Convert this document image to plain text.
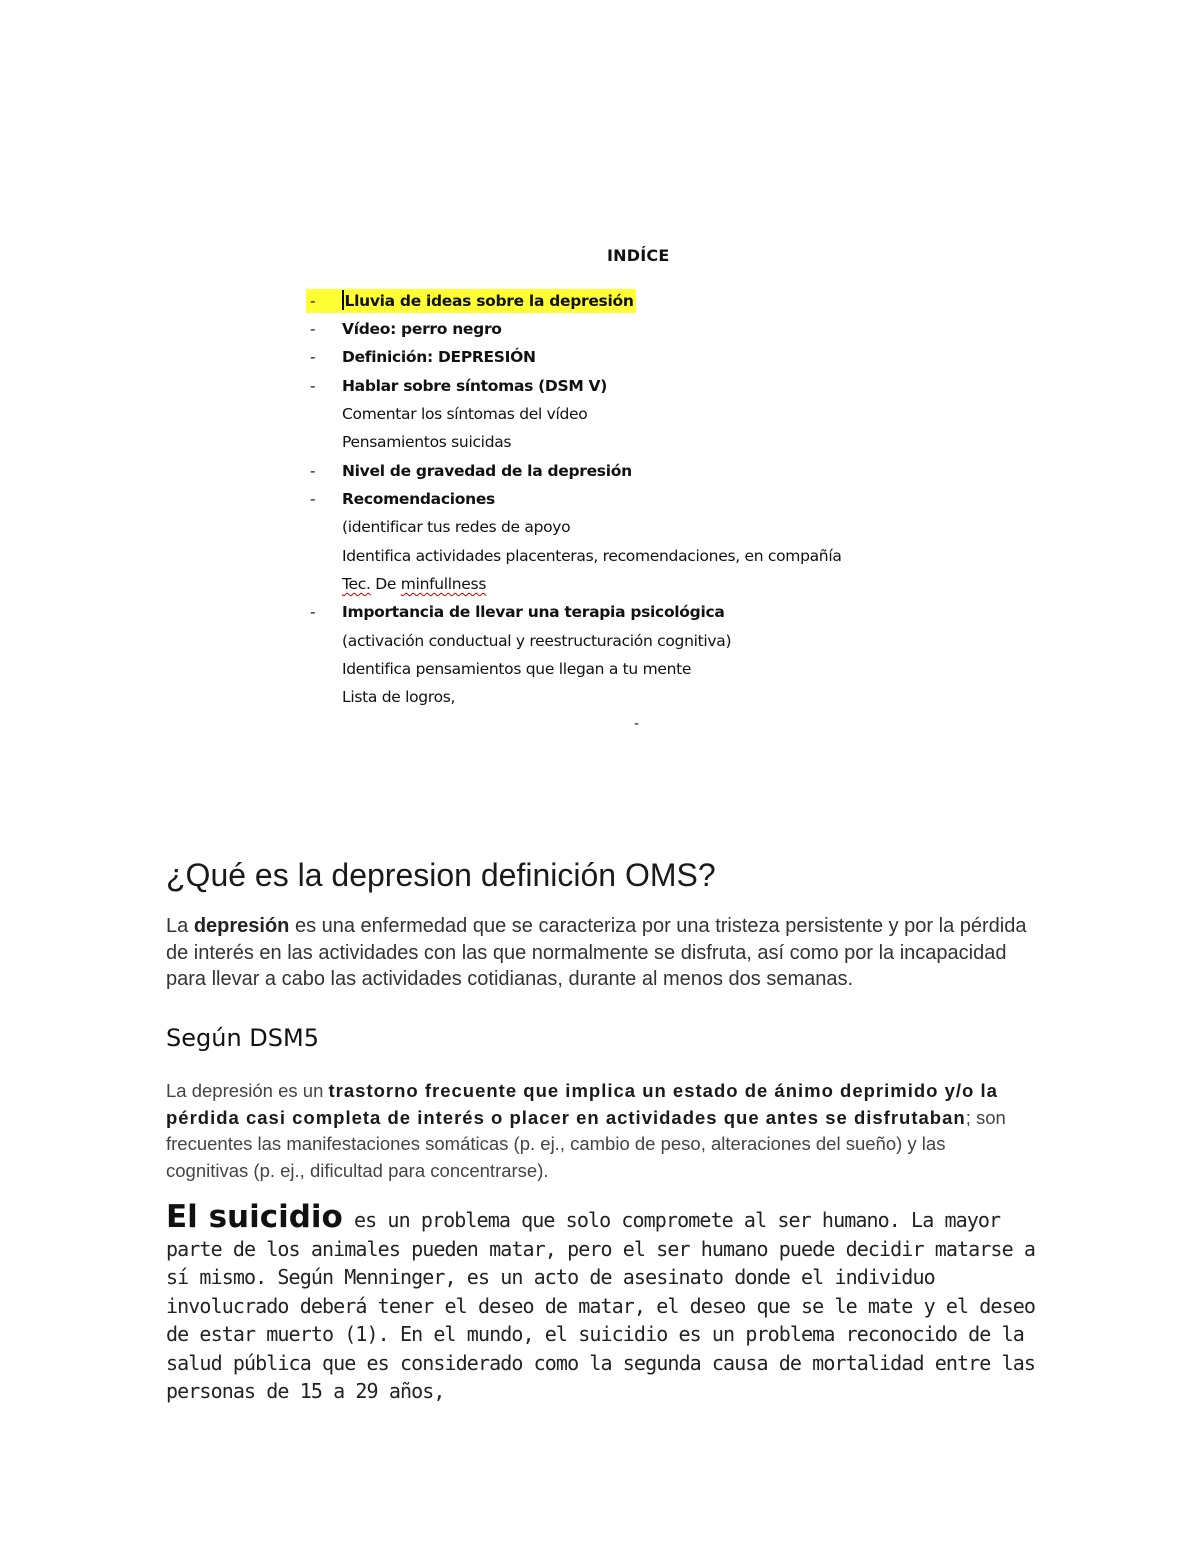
INDÍCE
- Lluvia de ideas sobre la depresión
- Vídeo: perro negro
- Definición: DEPRESIÓN
- Hablar sobre síntomas (DSM V)
Comentar los síntomas del vídeo
Pensamientos suicidas
- Nivel de gravedad de la depresión
- Recomendaciones
(identificar tus redes de apoyo
Identifica actividades placenteras, recomendaciones, en compañía
Tec. De minfullness
- Importancia de llevar una terapia psicológica
(activación conductual y reestructuración cognitiva)
Identifica pensamientos que llegan a tu mente
Lista de logros,
-
¿Qué es la depresion definición OMS?

La depresión es una enfermedad que se caracteriza por una tristeza persistente y por la pérdida de interés en las actividades con las que normalmente se disfruta, así como por la incapacidad para llevar a cabo las actividades cotidianas, durante al menos dos semanas.

Según DSM5

La depresión es un trastorno frecuente que implica un estado de ánimo deprimido y/o la pérdida casi completa de interés o placer en actividades que antes se disfrutaban; son frecuentes las manifestaciones somáticas (p. ej., cambio de peso, alteraciones del sueño) y las cognitivas (p. ej., dificultad para concentrarse).

El suicidio es un problema que solo compromete al ser humano. La mayor parte de los animales pueden matar, pero el ser humano puede decidir matarse a sí mismo. Según Menninger, es un acto de asesinato donde el individuo involucrado deberá tener el deseo de matar, el deseo que se le mate y el deseo de estar muerto (1). En el mundo, el suicidio es un problema reconocido de la salud pública que es considerado como la segunda causa de mortalidad entre las personas de 15 a 29 años,
